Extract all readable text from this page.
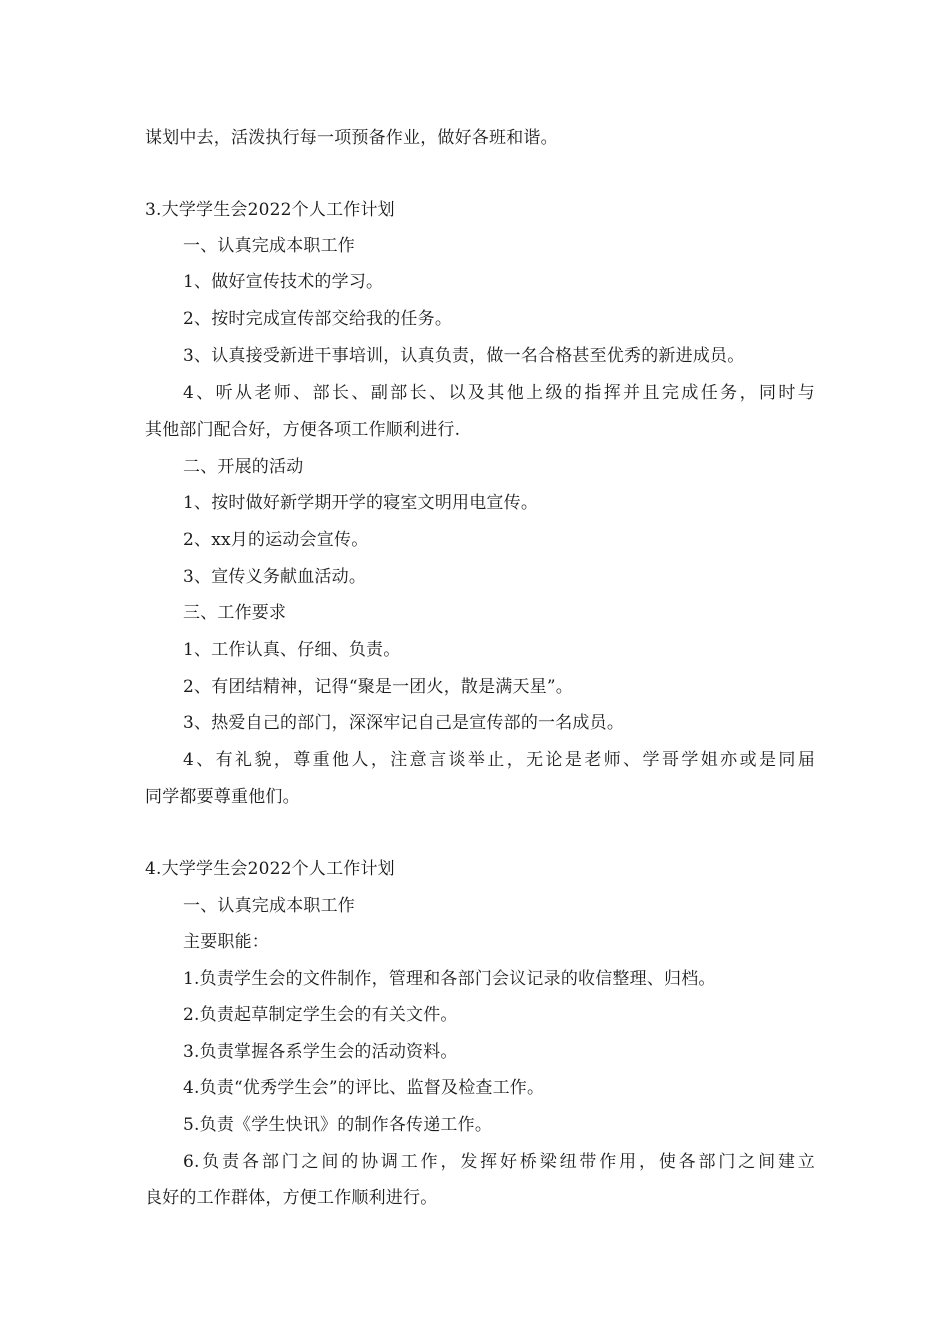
谋划中去，活泼执行每一项预备作业，做好各班和谐。
3.大学学生会2022个人工作计划
一、认真完成本职工作
1、做好宣传技术的学习。
2、按时完成宣传部交给我的任务。
3、认真接受新进干事培训，认真负责，做一名合格甚至优秀的新进成员。
4、听从老师、部长、副部长、以及其他上级的指挥并且完成任务，同时与
其他部门配合好，方便各项工作顺利进行.
二、开展的活动
1、按时做好新学期开学的寝室文明用电宣传。
2、xx月的运动会宣传。
3、宣传义务献血活动。
三、工作要求
1、工作认真、仔细、负责。
2、有团结精神，记得“聚是一团火，散是满天星”。
3、热爱自己的部门，深深牢记自己是宣传部的一名成员。
4、有礼貌，尊重他人，注意言谈举止，无论是老师、学哥学姐亦或是同届
同学都要尊重他们。
4.大学学生会2022个人工作计划
一、认真完成本职工作
主要职能：
1.负责学生会的文件制作，管理和各部门会议记录的收信整理、归档。
2.负责起草制定学生会的有关文件。
3.负责掌握各系学生会的活动资料。
4.负责“优秀学生会”的评比、监督及检查工作。
5.负责《学生快讯》的制作各传递工作。
6.负责各部门之间的协调工作，发挥好桥梁纽带作用，使各部门之间建立
良好的工作群体，方便工作顺利进行。
